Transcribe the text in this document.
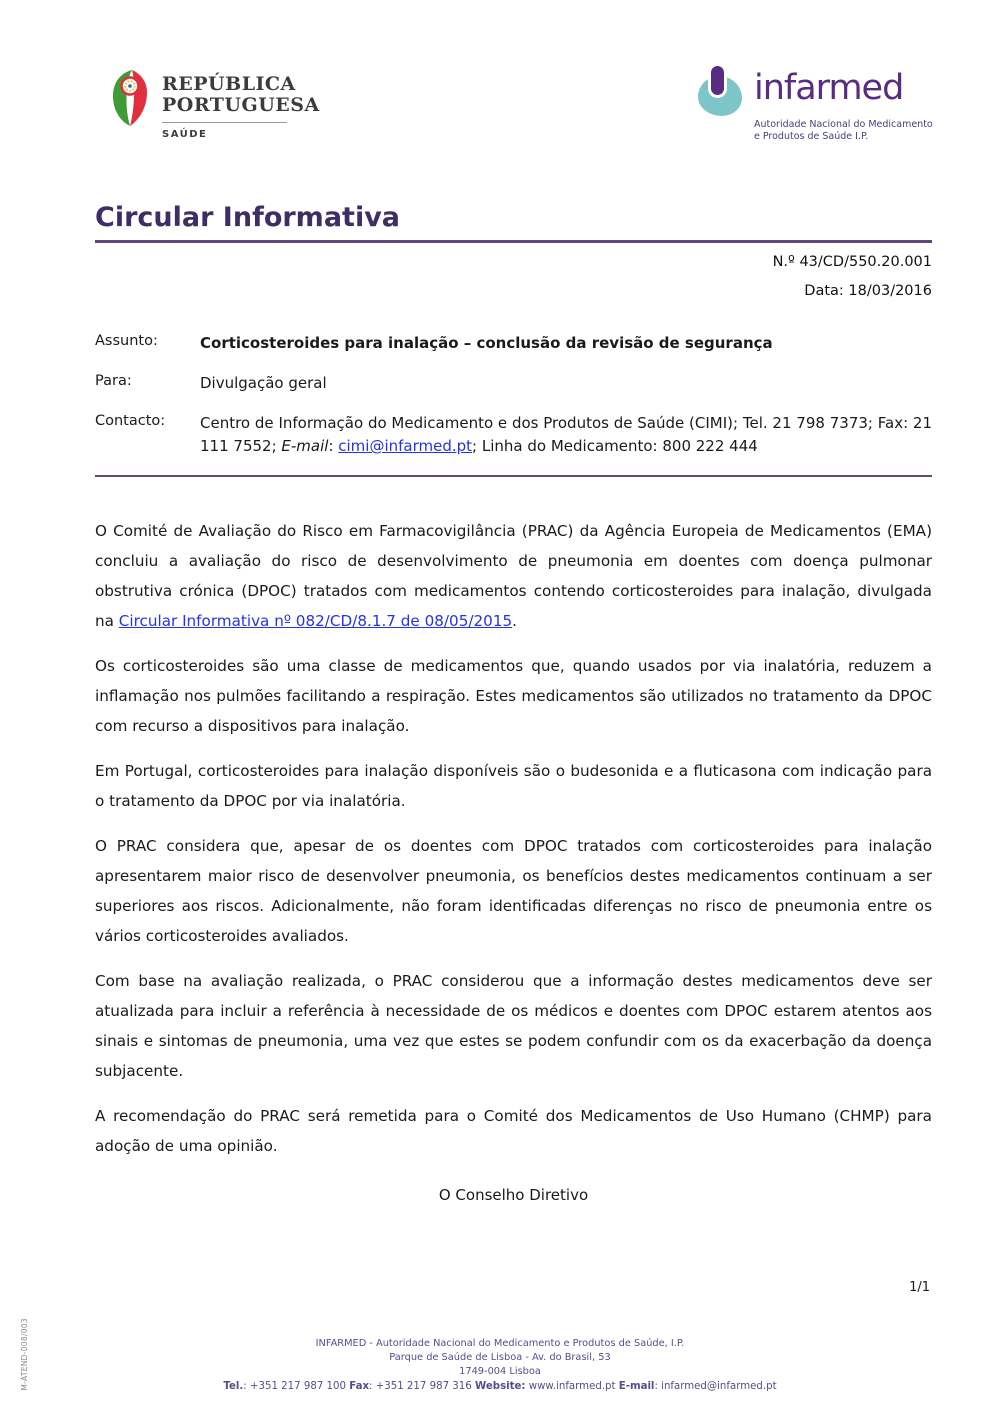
REPÚBLICA
PORTUGUESA
SAÚDE
infarmed
Autoridade Nacional do Medicamento
e Produtos de Saúde I.P.
Circular Informativa
N.º 43/CD/550.20.001
Data: 18/03/2016
Assunto:	Corticosteroides para inalação – conclusão da revisão de segurança
Para:	Divulgação geral
Contacto:	Centro de Informação do Medicamento e dos Produtos de Saúde (CIMI); Tel. 21 798 7373; Fax: 21 111 7552; E-mail: cimi@infarmed.pt; Linha do Medicamento: 800 222 444

O Comité de Avaliação do Risco em Farmacovigilância (PRAC) da Agência Europeia de Medicamentos (EMA) concluiu a avaliação do risco de desenvolvimento de pneumonia em doentes com doença pulmonar obstrutiva crónica (DPOC) tratados com medicamentos contendo corticosteroides para inalação, divulgada na Circular Informativa nº 082/CD/8.1.7 de 08/05/2015.

Os corticosteroides são uma classe de medicamentos que, quando usados por via inalatória, reduzem a inflamação nos pulmões facilitando a respiração. Estes medicamentos são utilizados no tratamento da DPOC com recurso a dispositivos para inalação.

Em Portugal, corticosteroides para inalação disponíveis são o budesonida e a fluticasona com indicação para o tratamento da DPOC por via inalatória.

O PRAC considera que, apesar de os doentes com DPOC tratados com corticosteroides para inalação apresentarem maior risco de desenvolver pneumonia, os benefícios destes medicamentos continuam a ser superiores aos riscos. Adicionalmente, não foram identificadas diferenças no risco de pneumonia entre os vários corticosteroides avaliados.

Com base na avaliação realizada, o PRAC considerou que a informação destes medicamentos deve ser atualizada para incluir a referência à necessidade de os médicos e doentes com DPOC estarem atentos aos sinais e sintomas de pneumonia, uma vez que estes se podem confundir com os da exacerbação da doença subjacente.

A recomendação do PRAC será remetida para o Comité dos Medicamentos de Uso Humano (CHMP) para adoção de uma opinião.

O Conselho Diretivo
1/1
M-ATEND-008/003	INFARMED - Autoridade Nacional do Medicamento e Produtos de Saúde, I.P.
Parque de Saúde de Lisboa - Av. do Brasil, 53
1749-004 Lisboa
Tel.: +351 217 987 100 Fax: +351 217 987 316 Website: www.infarmed.pt E-mail: infarmed@infarmed.pt
